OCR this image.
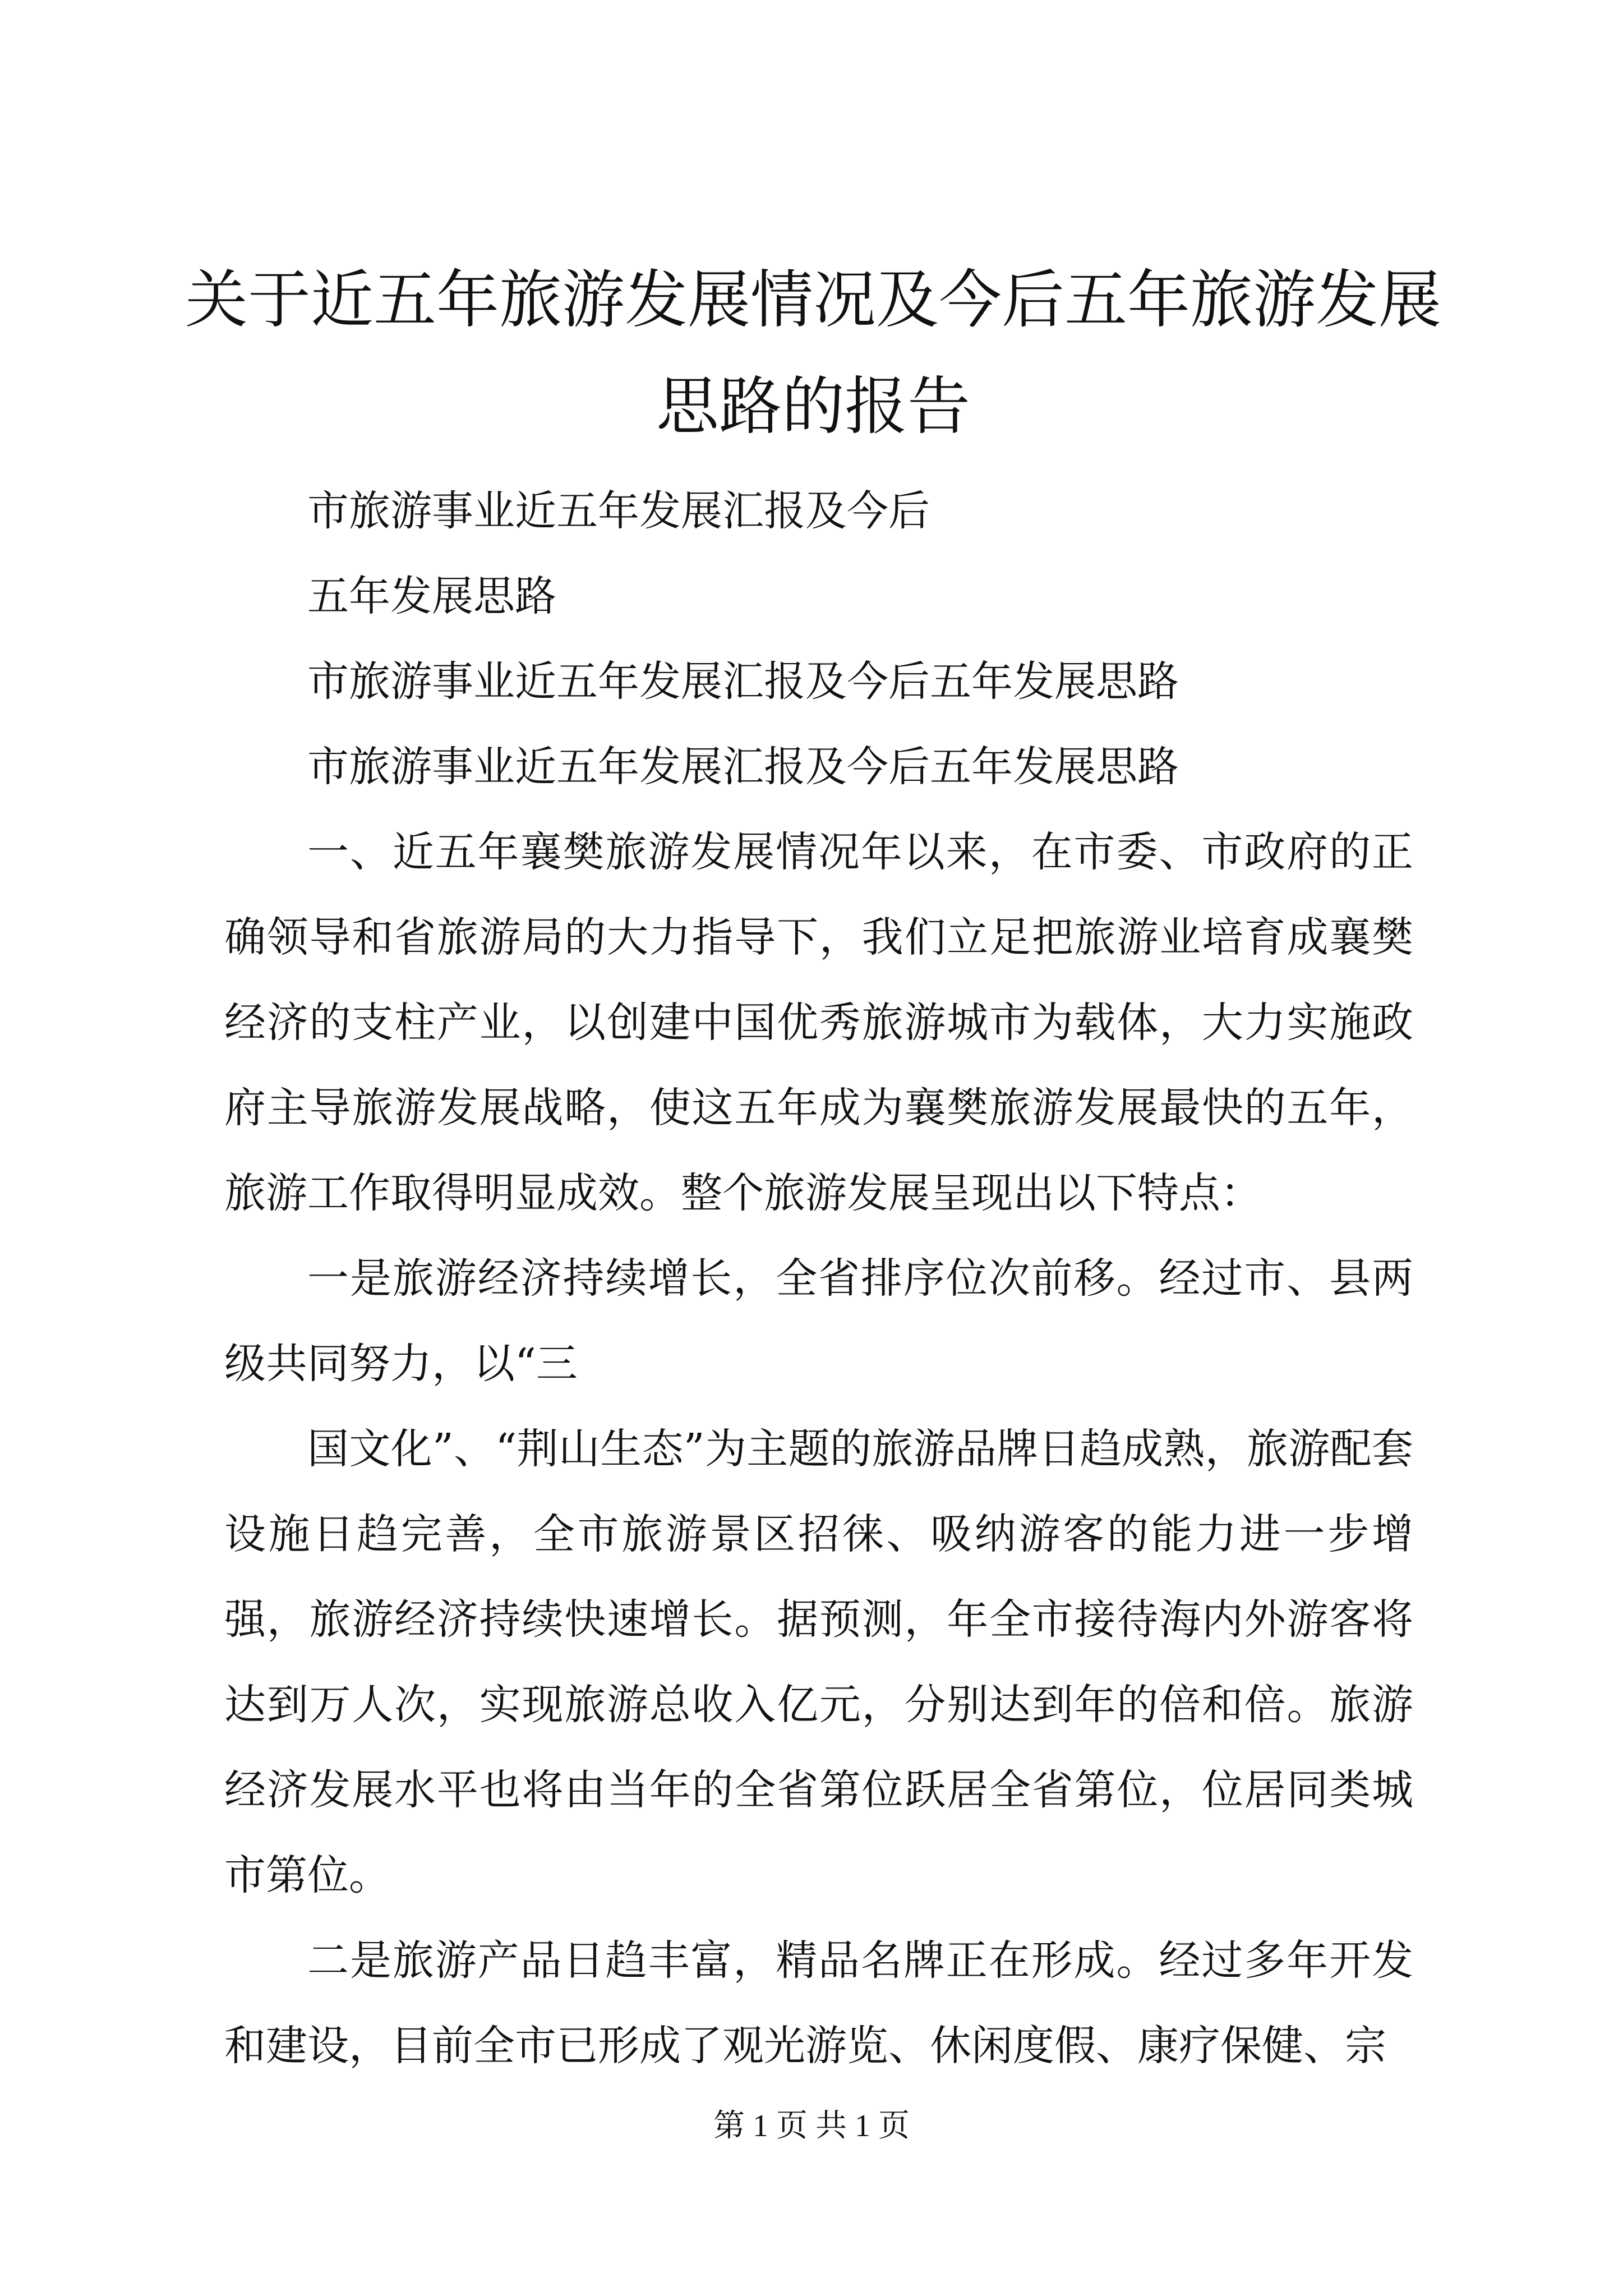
关于近五年旅游发展情况及今后五年旅游发展思路的报告

市旅游事业近五年发展汇报及今后

五年发展思路

市旅游事业近五年发展汇报及今后五年发展思路

市旅游事业近五年发展汇报及今后五年发展思路

一、近五年襄樊旅游发展情况年以来，在市委、市政府的正确领导和省旅游局的大力指导下，我们立足把旅游业培育成襄樊经济的支柱产业，以创建中国优秀旅游城市为载体，大力实施政府主导旅游发展战略，使这五年成为襄樊旅游发展最快的五年，旅游工作取得明显成效。整个旅游发展呈现出以下特点：

一是旅游经济持续增长，全省排序位次前移。经过市、县两级共同努力，以“三

国文化”、“荆山生态”为主题的旅游品牌日趋成熟，旅游配套设施日趋完善，全市旅游景区招徕、吸纳游客的能力进一步增强，旅游经济持续快速增长。据预测，年全市接待海内外游客将达到万人次，实现旅游总收入亿元，分别达到年的倍和倍。旅游经济发展水平也将由当年的全省第位跃居全省第位，位居同类城市第位。

二是旅游产品日趋丰富，精品名牌正在形成。经过多年开发和建设，目前全市已形成了观光游览、休闲度假、康疗保健、宗

第 1 页 共 1 页
